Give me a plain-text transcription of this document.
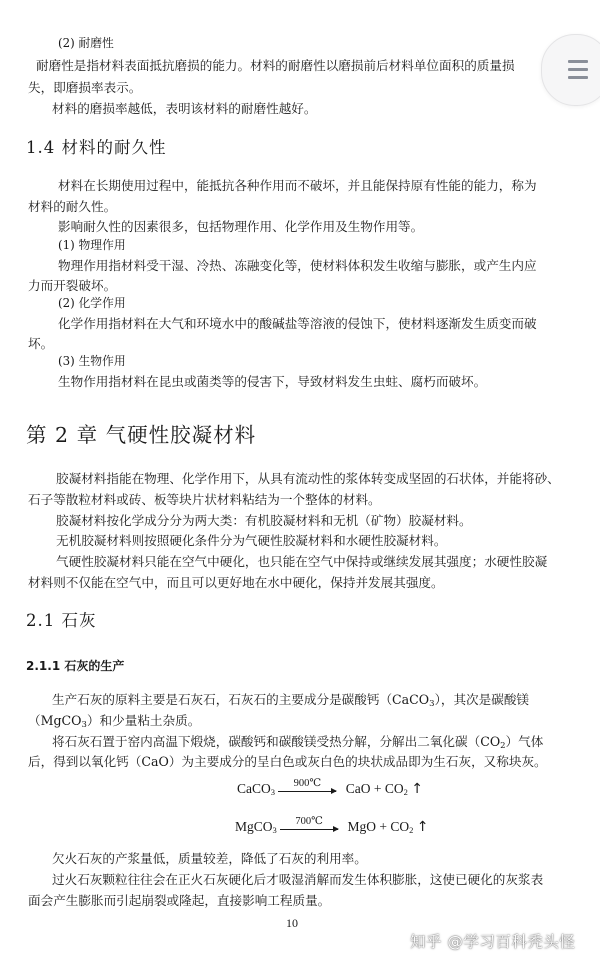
(2) 耐磨性
耐磨性是指材料表面抵抗磨损的能力。材料的耐磨性以磨损前后材料单位面积的质量损
失，即磨损率表示。
材料的磨损率越低，表明该材料的耐磨性越好。
1.4 材料的耐久性
材料在长期使用过程中，能抵抗各种作用而不破坏，并且能保持原有性能的能力，称为
材料的耐久性。
影响耐久性的因素很多，包括物理作用、化学作用及生物作用等。
(1) 物理作用
物理作用指材料受干湿、冷热、冻融变化等，使材料体积发生收缩与膨胀，或产生内应
力而开裂破坏。
(2) 化学作用
化学作用指材料在大气和环境水中的酸碱盐等溶液的侵蚀下，使材料逐渐发生质变而破
坏。
(3) 生物作用
生物作用指材料在昆虫或菌类等的侵害下，导致材料发生虫蛀、腐朽而破坏。
第 2 章 气硬性胶凝材料
胶凝材料指能在物理、化学作用下，从具有流动性的浆体转变成坚固的石状体，并能将砂、
石子等散粒材料或砖、板等块片状材料粘结为一个整体的材料。
胶凝材料按化学成分分为两大类：有机胶凝材料和无机（矿物）胶凝材料。
无机胶凝材料则按照硬化条件分为气硬性胶凝材料和水硬性胶凝材料。
气硬性胶凝材料只能在空气中硬化，也只能在空气中保持或继续发展其强度；水硬性胶凝
材料则不仅能在空气中，而且可以更好地在水中硬化，保持并发展其强度。
2.1 石灰
2.1.1 石灰的生产
生产石灰的原料主要是石灰石，石灰石的主要成分是碳酸钙（CaCO$_3$），其次是碳酸镁
（MgCO$_3$）和少量粘土杂质。
将石灰石置于窑内高温下煅烧，碳酸钙和碳酸镁受热分解，分解出二氧化碳$(CO_2)$气体
后，得到以氧化钙（CaO）为主要成分的呈白色或灰白色的块状成品即为生石灰，又称块灰。
CaCO$_3$
900℃	CaO + $CO_2$ ↑
MgCO$_3$
700℃	MgO + $CO_2$ ↑
欠火石灰的产浆量低，质量较差，降低了石灰的利用率。
过火石灰颗粒往往会在正火石灰硬化后才吸湿消解而发生体积膨胀，这使已硬化的灰浆表
面会产生膨胀而引起崩裂或隆起，直接影响工程质量。
10
知乎 @学习百科秃头怪
